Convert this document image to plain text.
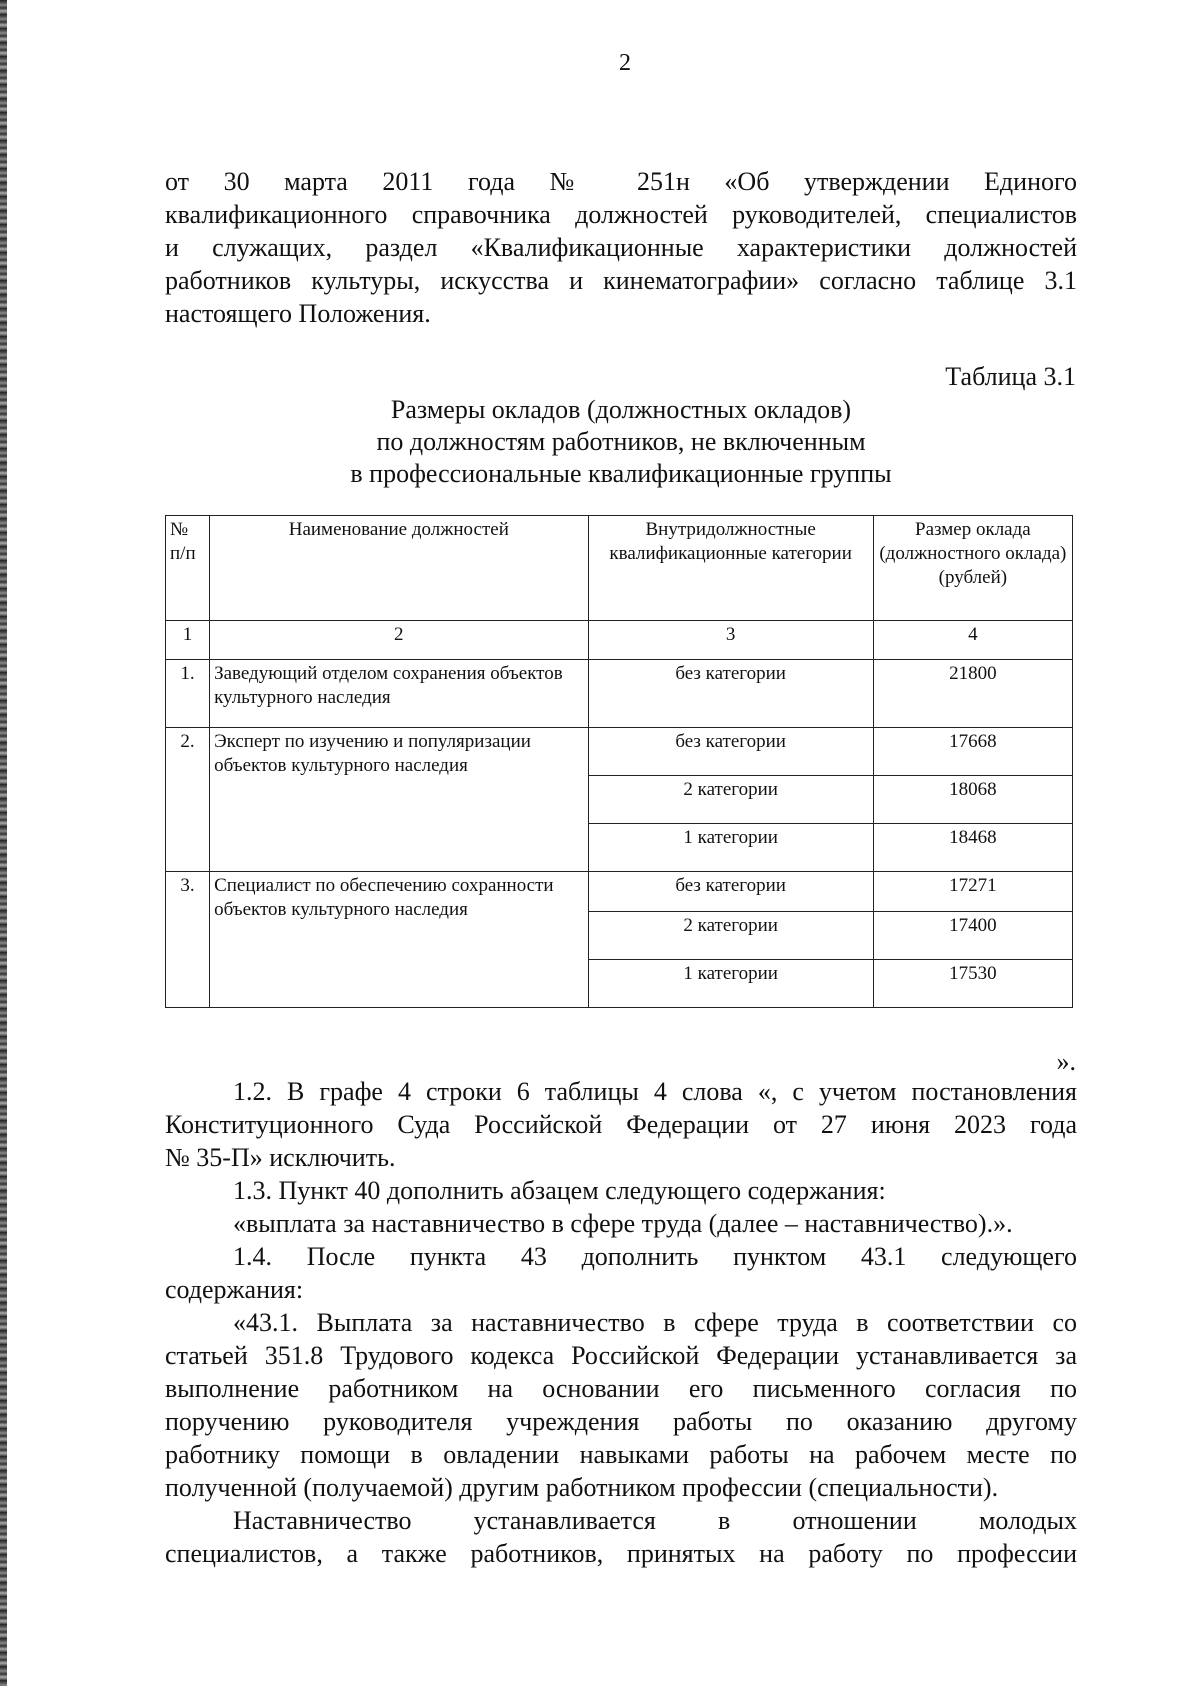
2

от 30 марта 2011 года № 251н «Об утверждении Единого
квалификационного справочника должностей руководителей, специалистов
и служащих, раздел «Квалификационные характеристики должностей
работников культуры, искусства и кинематографии» согласно таблице 3.1
настоящего Положения.

Таблица 3.1
Размеры окладов (должностных окладов)
по должностям работников, не включенным
в профессиональные квалификационные группы
№ п/п	Наименование должностей	Внутридолжностные квалификационные категории	Размер оклада (должностного оклада) (рублей)
1	2	3	4
1.	Заведующий отделом сохранения объектов культурного наследия	без категории	21800
2.	Эксперт по изучению и популяризации объектов культурного наследия	без категории	17668
		2 категории	18068
		1 категории	18468
3.	Специалист по обеспечению сохранности объектов культурного наследия	без категории	17271
		2 категории	17400
		1 категории	17530
».

1.2. В графе 4 строки 6 таблицы 4 слова «, с учетом постановления
Конституционного Суда Российской Федерации от 27 июня 2023 года
№ 35-П» исключить.

1.3. Пункт 40 дополнить абзацем следующего содержания:
«выплата за наставничество в сфере труда (далее – наставничество).».

1.4. После пункта 43 дополнить пунктом 43.1 следующего
содержания:

«43.1. Выплата за наставничество в сфере труда в соответствии со
статьей 351.8 Трудового кодекса Российской Федерации устанавливается за
выполнение работником на основании его письменного согласия по
поручению руководителя учреждения работы по оказанию другому
работнику помощи в овладении навыками работы на рабочем месте по
полученной (получаемой) другим работником профессии (специальности).

Наставничество устанавливается в отношении молодых
специалистов, а также работников, принятых на работу по профессии
